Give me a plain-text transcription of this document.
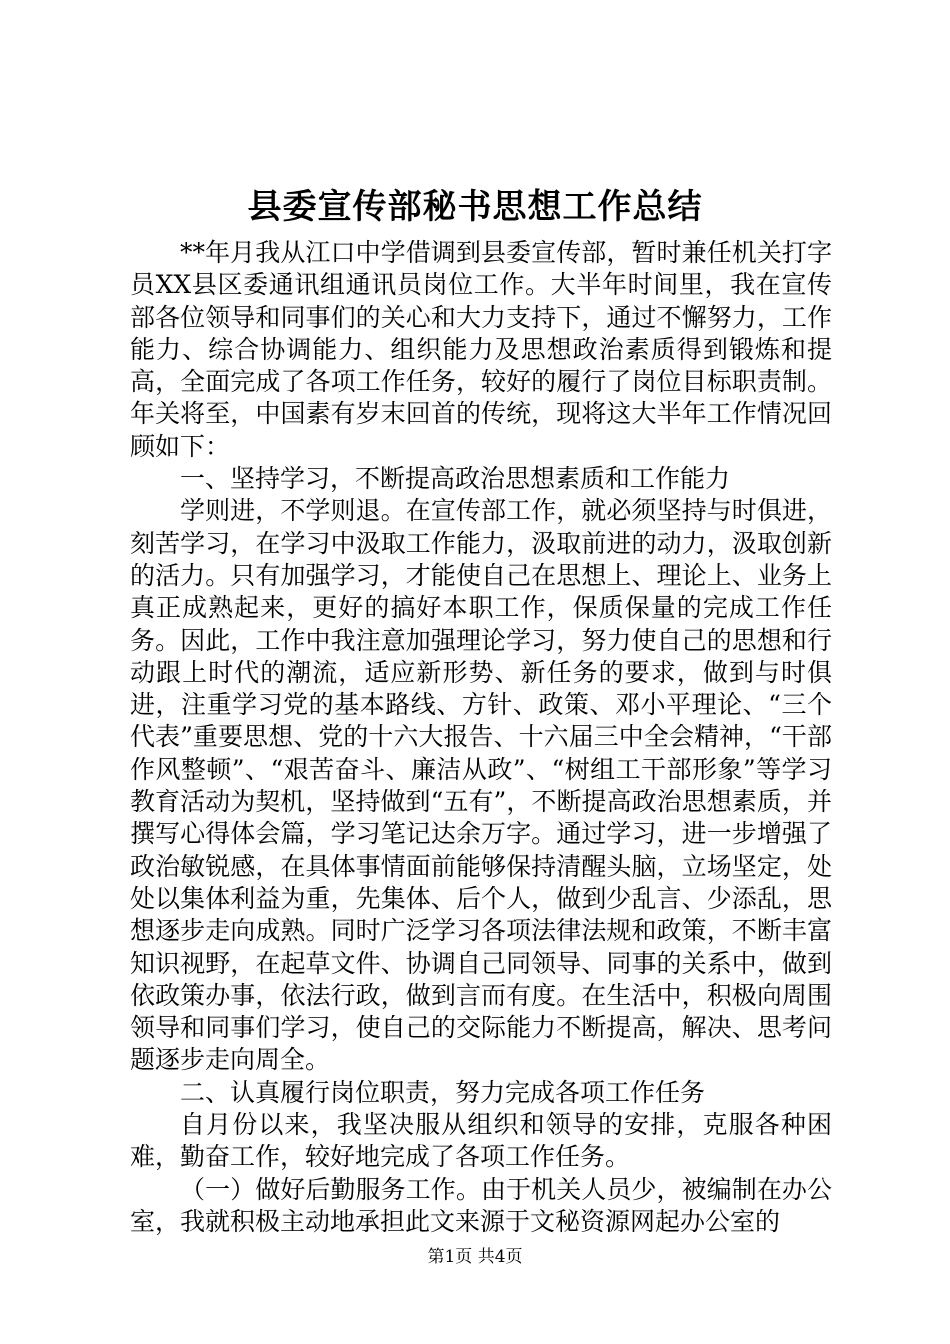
县委宣传部秘书思想工作总结

**年月我从江口中学借调到县委宣传部，暂时兼任机关打字员XX县区委通讯组通讯员岗位工作。大半年时间里，我在宣传部各位领导和同事们的关心和大力支持下，通过不懈努力，工作能力、综合协调能力、组织能力及思想政治素质得到锻炼和提高，全面完成了各项工作任务，较好的履行了岗位目标职责制。年关将至，中国素有岁末回首的传统，现将这大半年工作情况回顾如下：

一、坚持学习，不断提高政治思想素质和工作能力

学则进，不学则退。在宣传部工作，就必须坚持与时俱进，刻苦学习，在学习中汲取工作能力，汲取前进的动力，汲取创新的活力。只有加强学习，才能使自己在思想上、理论上、业务上真正成熟起来，更好的搞好本职工作，保质保量的完成工作任务。因此，工作中我注意加强理论学习，努力使自己的思想和行动跟上时代的潮流，适应新形势、新任务的要求，做到与时俱进，注重学习党的基本路线、方针、政策、邓小平理论、“三个代表”重要思想、党的十六大报告、十六届三中全会精神，“干部作风整顿”、“艰苦奋斗、廉洁从政”、“树组工干部形象”等学习教育活动为契机，坚持做到“五有”，不断提高政治思想素质，并撰写心得体会篇，学习笔记达余万字。通过学习，进一步增强了政治敏锐感，在具体事情面前能够保持清醒头脑，立场坚定，处处以集体利益为重，先集体、后个人，做到少乱言、少添乱，思想逐步走向成熟。同时广泛学习各项法律法规和政策，不断丰富知识视野，在起草文件、协调自己同领导、同事的关系中，做到依政策办事，依法行政，做到言而有度。在生活中，积极向周围领导和同事们学习，使自己的交际能力不断提高，解决、思考问题逐步走向周全。

二、认真履行岗位职责，努力完成各项工作任务

自月份以来，我坚决服从组织和领导的安排，克服各种困难，勤奋工作，较好地完成了各项工作任务。

（一）做好后勤服务工作。由于机关人员少，被编制在办公室，我就积极主动地承担此文来源于文秘资源网起办公室的

第1页 共4页
